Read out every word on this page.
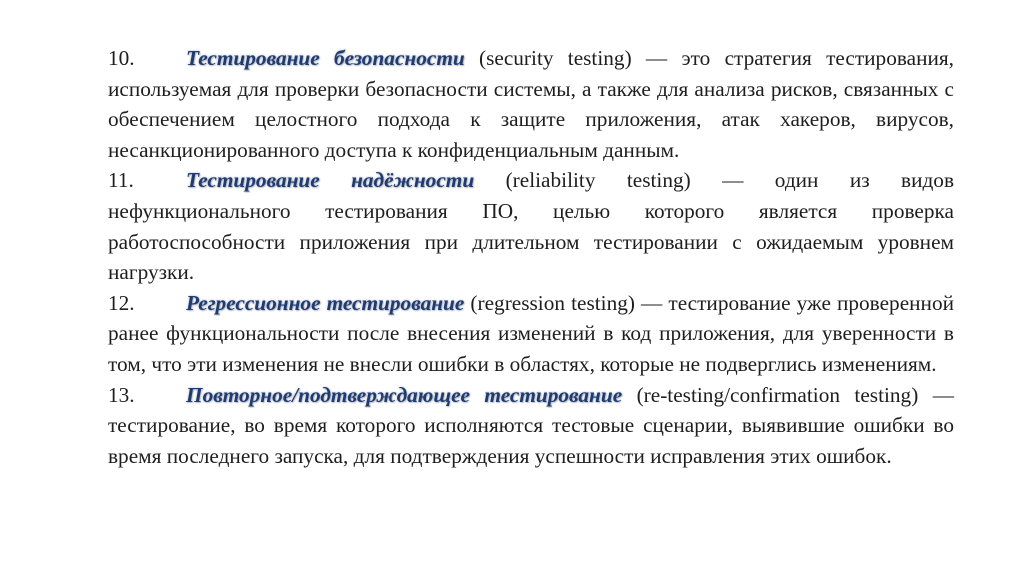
10. Тестирование безопасности (security testing) — это стратегия тестирования, используемая для проверки безопасности системы, а также для анализа рисков, связанных с обеспечением целостного подхода к защите приложения, атак хакеров, вирусов, несанкционированного доступа к конфиденциальным данным.

11. Тестирование надёжности (reliability testing) — один из видов нефункционального тестирования ПО, целью которого является проверка работоспособности приложения при длительном тестировании с ожидаемым уровнем нагрузки.

12. Регрессионное тестирование (regression testing) — тестирование уже проверенной ранее функциональности после внесения изменений в код приложения, для уверенности в том, что эти изменения не внесли ошибки в областях, которые не подверглись изменениям.

13. Повторное/подтверждающее тестирование (re-testing/confirmation testing) — тестирование, во время которого исполняются тестовые сценарии, выявившие ошибки во время последнего запуска, для подтверждения успешности исправления этих ошибок.
